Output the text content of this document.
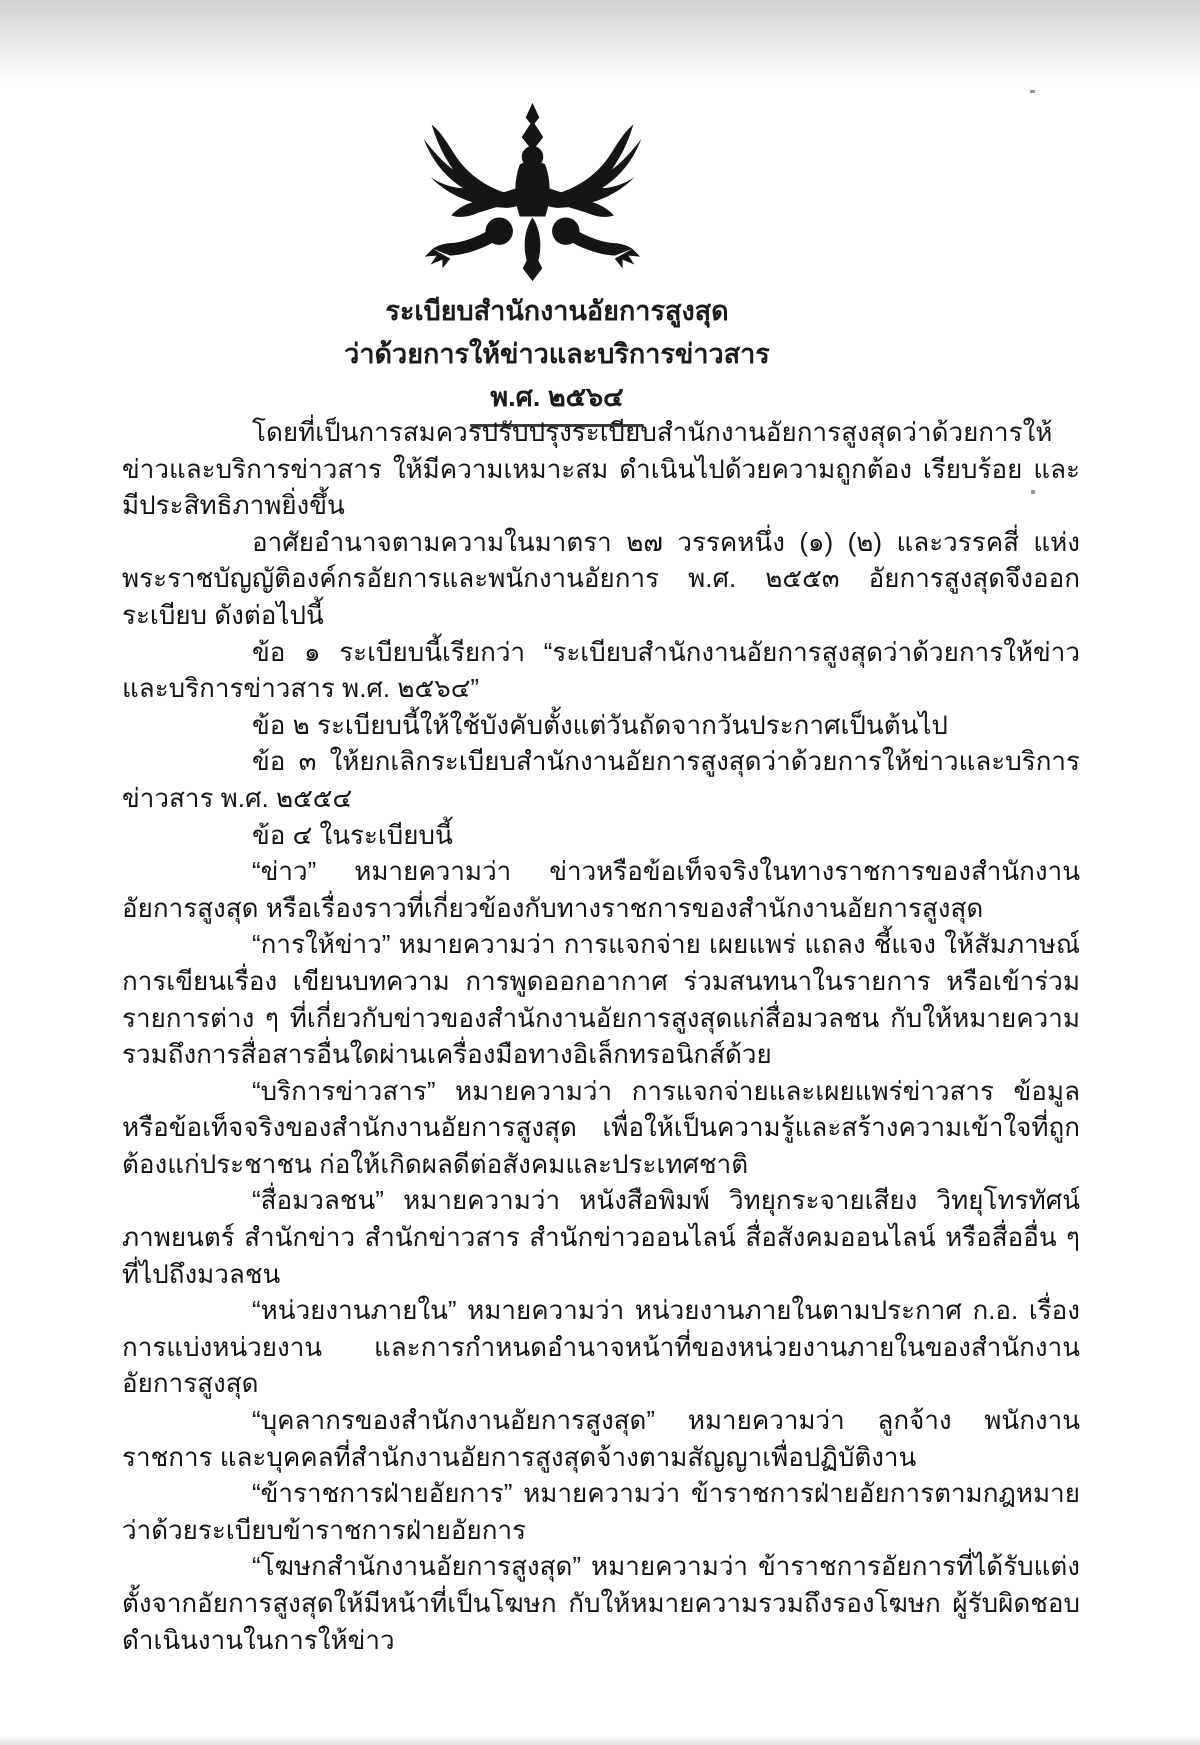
ระเบียบสำนักงานอัยการสูงสุด
ว่าด้วยการให้ข่าวและบริการข่าวสาร
พ.ศ. ๒๕๖๔

โดยที่เป็นการสมควรปรับปรุงระเบียบสำนักงานอัยการสูงสุดว่าด้วยการให้ข่าวและบริการข่าวสาร ให้มีความเหมาะสม ดำเนินไปด้วยความถูกต้อง เรียบร้อย และมีประสิทธิภาพยิ่งขึ้น

อาศัยอำนาจตามความในมาตรา ๒๗ วรรคหนึ่ง (๑) (๒) และวรรคสี่ แห่งพระราชบัญญัติองค์กรอัยการและพนักงานอัยการ พ.ศ. ๒๕๕๓ อัยการสูงสุดจึงออกระเบียบ ดังต่อไปนี้

ข้อ ๑ ระเบียบนี้เรียกว่า “ระเบียบสำนักงานอัยการสูงสุดว่าด้วยการให้ข่าวและบริการข่าวสาร พ.ศ. ๒๕๖๔”

ข้อ ๒ ระเบียบนี้ให้ใช้บังคับตั้งแต่วันถัดจากวันประกาศเป็นต้นไป

ข้อ ๓ ให้ยกเลิกระเบียบสำนักงานอัยการสูงสุดว่าด้วยการให้ข่าวและบริการข่าวสาร พ.ศ. ๒๕๕๔

ข้อ ๔ ในระเบียบนี้

“ข่าว” หมายความว่า ข่าวหรือข้อเท็จจริงในทางราชการของสำนักงานอัยการสูงสุด หรือเรื่องราวที่เกี่ยวข้องกับทางราชการของสำนักงานอัยการสูงสุด

“การให้ข่าว” หมายความว่า การแจกจ่าย เผยแพร่ แถลง ชี้แจง ให้สัมภาษณ์ การเขียนเรื่อง เขียนบทความ การพูดออกอากาศ ร่วมสนทนาในรายการ หรือเข้าร่วมรายการต่าง ๆ ที่เกี่ยวกับข่าวของสำนักงานอัยการสูงสุดแก่สื่อมวลชน กับให้หมายความรวมถึงการสื่อสารอื่นใดผ่านเครื่องมือทางอิเล็กทรอนิกส์ด้วย

“บริการข่าวสาร” หมายความว่า การแจกจ่ายและเผยแพร่ข่าวสาร ข้อมูลหรือข้อเท็จจริงของสำนักงานอัยการสูงสุด เพื่อให้เป็นความรู้และสร้างความเข้าใจที่ถูกต้องแก่ประชาชน ก่อให้เกิดผลดีต่อสังคมและประเทศชาติ

“สื่อมวลชน” หมายความว่า หนังสือพิมพ์ วิทยุกระจายเสียง วิทยุโทรทัศน์ ภาพยนตร์ สำนักข่าว สำนักข่าวสาร สำนักข่าวออนไลน์ สื่อสังคมออนไลน์ หรือสื่ออื่น ๆ ที่ไปถึงมวลชน

“หน่วยงานภายใน” หมายความว่า หน่วยงานภายในตามประกาศ ก.อ. เรื่อง การแบ่งหน่วยงาน และการกำหนดอำนาจหน้าที่ของหน่วยงานภายในของสำนักงานอัยการสูงสุด

“บุคลากรของสำนักงานอัยการสูงสุด” หมายความว่า ลูกจ้าง พนักงานราชการ และบุคคลที่สำนักงานอัยการสูงสุดจ้างตามสัญญาเพื่อปฏิบัติงาน

“ข้าราชการฝ่ายอัยการ” หมายความว่า ข้าราชการฝ่ายอัยการตามกฎหมายว่าด้วยระเบียบข้าราชการฝ่ายอัยการ

“โฆษกสำนักงานอัยการสูงสุด” หมายความว่า ข้าราชการอัยการที่ได้รับแต่งตั้งจากอัยการสูงสุดให้มีหน้าที่เป็นโฆษก กับให้หมายความรวมถึงรองโฆษก ผู้รับผิดชอบดำเนินงานในการให้ข่าว
